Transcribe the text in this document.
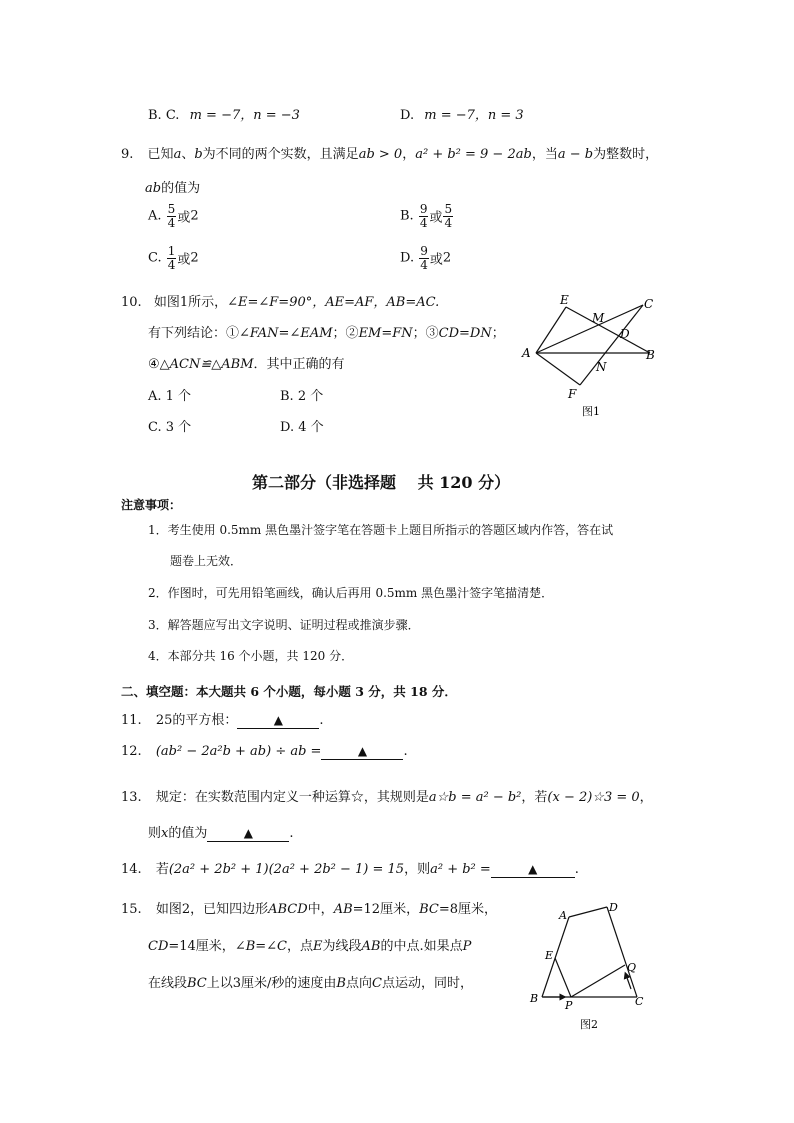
B. C. m = −7，n = −3	D. m = −7，n = 3
9. 已知a、b为不同的两个实数，且满足ab > 0，a² + b² = 9 − 2ab，当a − b为整数时，
ab的值为
A. $\frac{5}{4}$ 或2	B. $\frac{9}{4}$ 或 $\frac{5}{4}$
C. $\frac{1}{4}$ 或2	D. $\frac{9}{4}$ 或2
10. 如图1所示，∠E=∠F=90°，AE=AF，AB=AC.
有下列结论：①∠FAN=∠EAM；②EM=FN；③CD=DN；
④△ACN≌△ABM．其中正确的有
A. 1 个	B. 2 个
C. 3 个	D. 4 个
E
M
C
D
A	B
N
F
图1
第二部分（非选择题　 共 120 分）
注意事项：
1．考生使用 0.5mm 黑色墨汁签字笔在答题卡上题目所指示的答题区域内作答，答在试
题卷上无效．
2．作图时，可先用铅笔画线，确认后再用 0.5mm 黑色墨汁签字笔描清楚．
3．解答题应写出文字说明、证明过程或推演步骤．
4．本部分共 16 个小题，共 120 分．
二、填空题：本大题共 6 个小题，每小题 3 分，共 18 分．
11. 25的平方根：	▲	.
12. (ab² − 2a²b + ab) ÷ ab =	▲	.
13. 规定：在实数范围内定义一种运算☆，其规则是a☆b = a² − b²，若(x − 2)☆3 = 0，
则x的值为	▲	.
14. 若(2a² + 2b² + 1)(2a² + 2b² − 1) = 15，则a² + b² =	▲	.
15. 如图2，已知四边形ABCD中，AB=12厘米，BC=8厘米，
CD=14厘米，∠B=∠C，点E为线段AB的中点.如果点P
在线段BC上以3厘米/秒的速度由B点向C点运动，同时，
A
D
E
Q
B
P	C
图2
